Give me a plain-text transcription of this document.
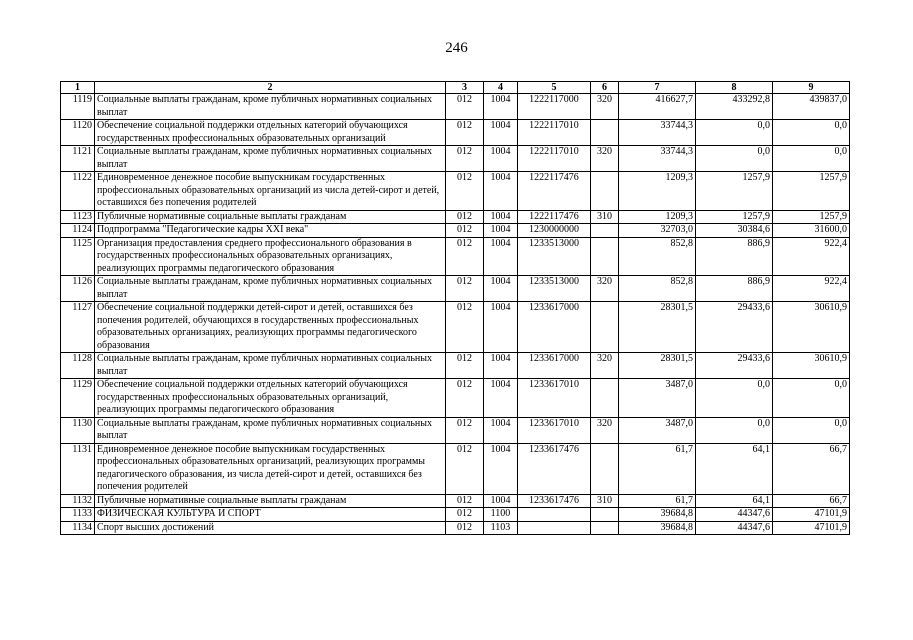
246
1	2	3	4	5	6	7	8	9
1119	Социальные выплаты гражданам, кроме публичных нормативных социальных выплат	012	1004	1222117000	320	416627,7	433292,8	439837,0
1120	Обеспечение социальной поддержки отдельных категорий обучающихся государственных профессиональных образовательных организаций	012	1004	1222117010		33744,3	0,0	0,0
1121	Социальные выплаты гражданам, кроме публичных нормативных социальных выплат	012	1004	1222117010	320	33744,3	0,0	0,0
1122	Единовременное денежное пособие выпускникам государственных профессиональных образовательных организаций из числа детей-сирот и детей, оставшихся без попечения родителей	012	1004	1222117476		1209,3	1257,9	1257,9
1123	Публичные нормативные социальные выплаты гражданам	012	1004	1222117476	310	1209,3	1257,9	1257,9
1124	Подпрограмма "Педагогические кадры XXI века"	012	1004	1230000000		32703,0	30384,6	31600,0
1125	Организация предоставления среднего профессионального образования в государственных профессиональных образовательных организациях, реализующих программы педагогического образования	012	1004	1233513000		852,8	886,9	922,4
1126	Социальные выплаты гражданам, кроме публичных нормативных социальных выплат	012	1004	1233513000	320	852,8	886,9	922,4
1127	Обеспечение социальной поддержки детей-сирот и детей, оставшихся без попечения родителей, обучающихся в государственных профессиональных образовательных организациях, реализующих программы педагогического образования	012	1004	1233617000		28301,5	29433,6	30610,9
1128	Социальные выплаты гражданам, кроме публичных нормативных социальных выплат	012	1004	1233617000	320	28301,5	29433,6	30610,9
1129	Обеспечение социальной поддержки отдельных категорий обучающихся государственных профессиональных образовательных организаций, реализующих программы педагогического образования	012	1004	1233617010		3487,0	0,0	0,0
1130	Социальные выплаты гражданам, кроме публичных нормативных социальных выплат	012	1004	1233617010	320	3487,0	0,0	0,0
1131	Единовременное денежное пособие выпускникам государственных профессиональных образовательных организаций, реализующих программы педагогического образования, из числа детей-сирот и детей, оставшихся без попечения родителей	012	1004	1233617476		61,7	64,1	66,7
1132	Публичные нормативные социальные выплаты гражданам	012	1004	1233617476	310	61,7	64,1	66,7
1133	ФИЗИЧЕСКАЯ КУЛЬТУРА И СПОРТ	012	1100			39684,8	44347,6	47101,9
1134	Спорт высших достижений	012	1103			39684,8	44347,6	47101,9
